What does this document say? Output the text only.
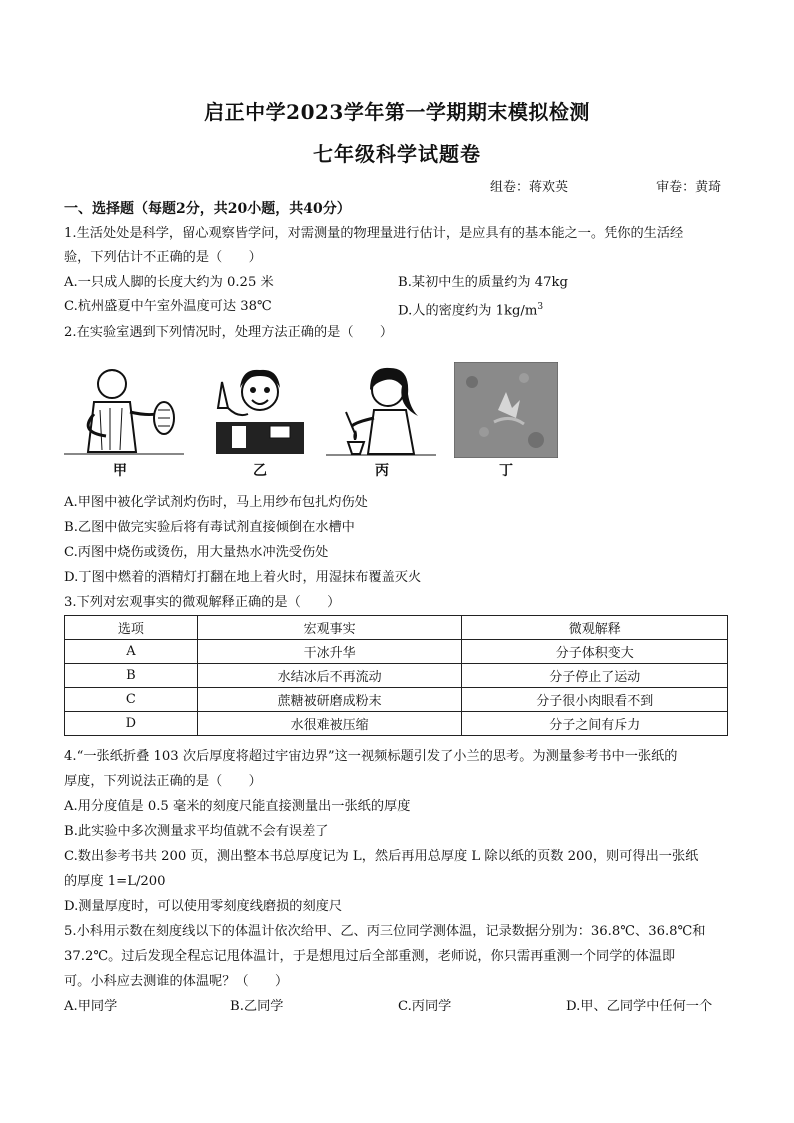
启正中学2023学年第一学期期末模拟检测
七年级科学试题卷
组卷：蒋欢英	审卷：黄琦
一、选择题（每题2分，共20小题，共40分）
1.生活处处是科学，留心观察皆学问，对需测量的物理量进行估计，是应具有的基本能之一。凭你的生活经
验，下列估计不正确的是（　　）
A.一只成人脚的长度大约为 0.25 米	B.某初中生的质量约为 47kg
C.杭州盛夏中午室外温度可达 38℃	D.人的密度约为 $1kg/m^3$
2.在实验室遇到下列情况时，处理方法正确的是（　　）
甲	乙	丙	丁
A.甲图中被化学试剂灼伤时，马上用纱布包扎灼伤处
B.乙图中做完实验后将有毒试剂直接倾倒在水槽中
C.丙图中烧伤或烫伤，用大量热水冲洗受伤处
D.丁图中燃着的酒精灯打翻在地上着火时，用湿抹布覆盖灭火
3.下列对宏观事实的微观解释正确的是（　　）
选项	宏观事实	微观解释
A	干冰升华	分子体积变大
B	水结冰后不再流动	分子停止了运动
C	蔗糖被研磨成粉末	分子很小肉眼看不到
D	水很难被压缩	分子之间有斥力
4.“一张纸折叠 103 次后厚度将超过宇宙边界”这一视频标题引发了小兰的思考。为测量参考书中一张纸的
厚度，下列说法正确的是（　　）
A.用分度值是 0.5 毫米的刻度尺能直接测量出一张纸的厚度
B.此实验中多次测量求平均值就不会有误差了
C.数出参考书共 200 页，测出整本书总厚度记为 L，然后再用总厚度 L 除以纸的页数 200，则可得出一张纸
的厚度 1=L/200
D.测量厚度时，可以使用零刻度线磨损的刻度尺
5.小科用示数在刻度线以下的体温计依次给甲、乙、丙三位同学测体温，记录数据分别为：36.8℃、36.8℃和
37.2℃。过后发现全程忘记甩体温计，于是想甩过后全部重测，老师说，你只需再重测一个同学的体温即
可。小科应去测谁的体温呢？（　　）
A.甲同学	B.乙同学	C.丙同学	D.甲、乙同学中任何一个
